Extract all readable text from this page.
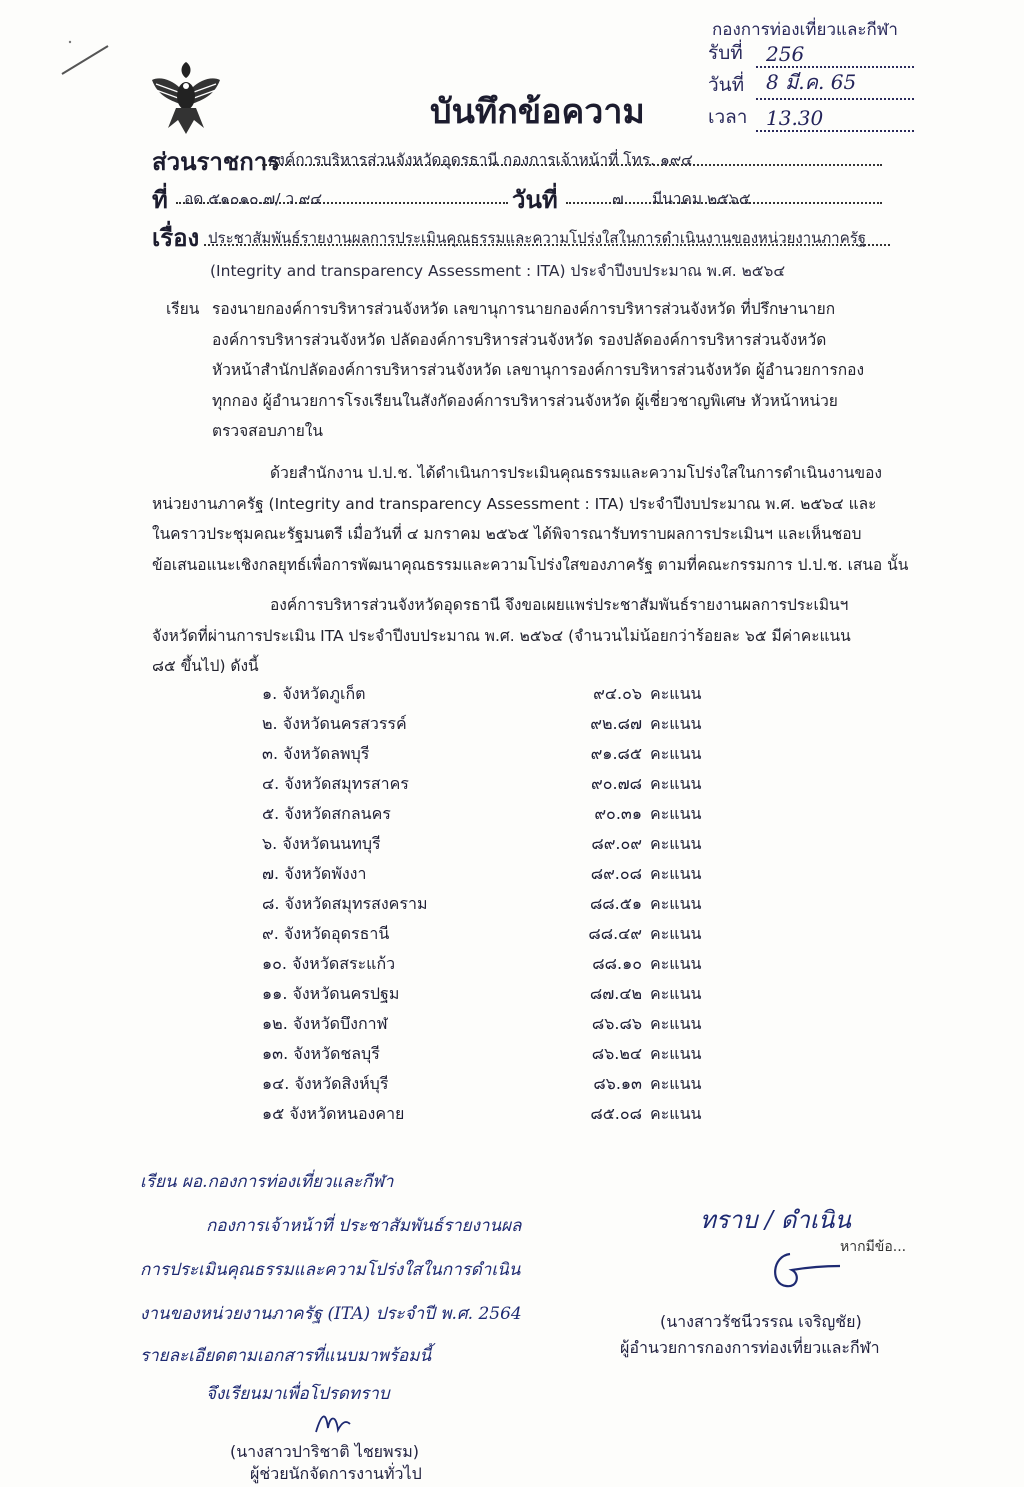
กองการท่องเที่ยวและกีฬา
รับที่ 256
วันที่ 8 มี.ค. 65
เวลา 13.30
บันทึกข้อความ
ส่วนราชการ
องค์การบริหารส่วนจังหวัดอุดรธานี กองการเจ้าหน้าที่ โทร. ๑๙๔
ที่ อด ๕๑๐๑๐.๗/ ว ๙๔	วันที่	๗ มีนาคม ๒๕๖๕
เรื่อง ประชาสัมพันธ์รายงานผลการประเมินคุณธรรมและความโปร่งใสในการดำเนินงานของหน่วยงานภาครัฐ
(Integrity and transparency Assessment : ITA) ประจำปีงบประมาณ พ.ศ. ๒๕๖๔
เรียน รองนายกองค์การบริหารส่วนจังหวัด เลขานุการนายกองค์การบริหารส่วนจังหวัด ที่ปรึกษานายก
องค์การบริหารส่วนจังหวัด ปลัดองค์การบริหารส่วนจังหวัด รองปลัดองค์การบริหารส่วนจังหวัด
หัวหน้าสำนักปลัดองค์การบริหารส่วนจังหวัด เลขานุการองค์การบริหารส่วนจังหวัด ผู้อำนวยการกอง
ทุกกอง ผู้อำนวยการโรงเรียนในสังกัดองค์การบริหารส่วนจังหวัด ผู้เชี่ยวชาญพิเศษ หัวหน้าหน่วย
ตรวจสอบภายใน
ด้วยสำนักงาน ป.ป.ช. ได้ดำเนินการประเมินคุณธรรมและความโปร่งใสในการดำเนินงานของ
หน่วยงานภาครัฐ (Integrity and transparency Assessment : ITA) ประจำปีงบประมาณ พ.ศ. ๒๕๖๔ และ
ในคราวประชุมคณะรัฐมนตรี เมื่อวันที่ ๔ มกราคม ๒๕๖๕ ได้พิจารณารับทราบผลการประเมินฯ และเห็นชอบ
ข้อเสนอแนะเชิงกลยุทธ์เพื่อการพัฒนาคุณธรรมและความโปร่งใสของภาครัฐ ตามที่คณะกรรมการ ป.ป.ช. เสนอ นั้น
องค์การบริหารส่วนจังหวัดอุดรธานี จึงขอเผยแพร่ประชาสัมพันธ์รายงานผลการประเมินฯ
จังหวัดที่ผ่านการประเมิน ITA ประจำปีงบประมาณ พ.ศ. ๒๕๖๔ (จำนวนไม่น้อยกว่าร้อยละ ๖๕ มีค่าคะแนน
๘๕ ขึ้นไป) ดังนี้
๑. จังหวัดภูเก็ต	๙๔.๐๖ คะแนน
๒. จังหวัดนครสวรรค์	๙๒.๘๗ คะแนน
๓. จังหวัดลพบุรี	๙๑.๘๕ คะแนน
๔. จังหวัดสมุทรสาคร	๙๐.๗๘ คะแนน
๕. จังหวัดสกลนคร	๙๐.๓๑ คะแนน
๖. จังหวัดนนทบุรี	๘๙.๐๙ คะแนน
๗. จังหวัดพังงา	๘๙.๐๘ คะแนน
๘. จังหวัดสมุทรสงคราม	๘๘.๕๑ คะแนน
๙. จังหวัดอุดรธานี	๘๘.๔๙ คะแนน
๑๐. จังหวัดสระแก้ว	๘๘.๑๐ คะแนน
๑๑. จังหวัดนครปฐม	๘๗.๔๒ คะแนน
๑๒. จังหวัดบึงกาฬ	๘๖.๘๖ คะแนน
๑๓. จังหวัดชลบุรี	๘๖.๒๔ คะแนน
๑๔. จังหวัดสิงห์บุรี	๘๖.๑๓ คะแนน
๑๕ จังหวัดหนองคาย	๘๕.๐๘ คะแนน
เรียน ผอ.กองการท่องเที่ยวและกีฬา
กองการเจ้าหน้าที่ ประชาสัมพันธ์รายงานผล
การประเมินคุณธรรมและความโปร่งใสในการดำเนิน
งานของหน่วยงานภาครัฐ (ITA) ประจำปี พ.ศ. 2564
รายละเอียดตามเอกสารที่แนบมาพร้อมนี้
จึงเรียนมาเพื่อโปรดทราบ
(นางสาวปาริชาติ ไชยพรม)
ผู้ช่วยนักจัดการงานทั่วไป
ทราบ / ดำเนิน
หากมีข้อ...
(นางสาวรัชนีวรรณ เจริญชัย)
ผู้อำนวยการกองการท่องเที่ยวและกีฬา
